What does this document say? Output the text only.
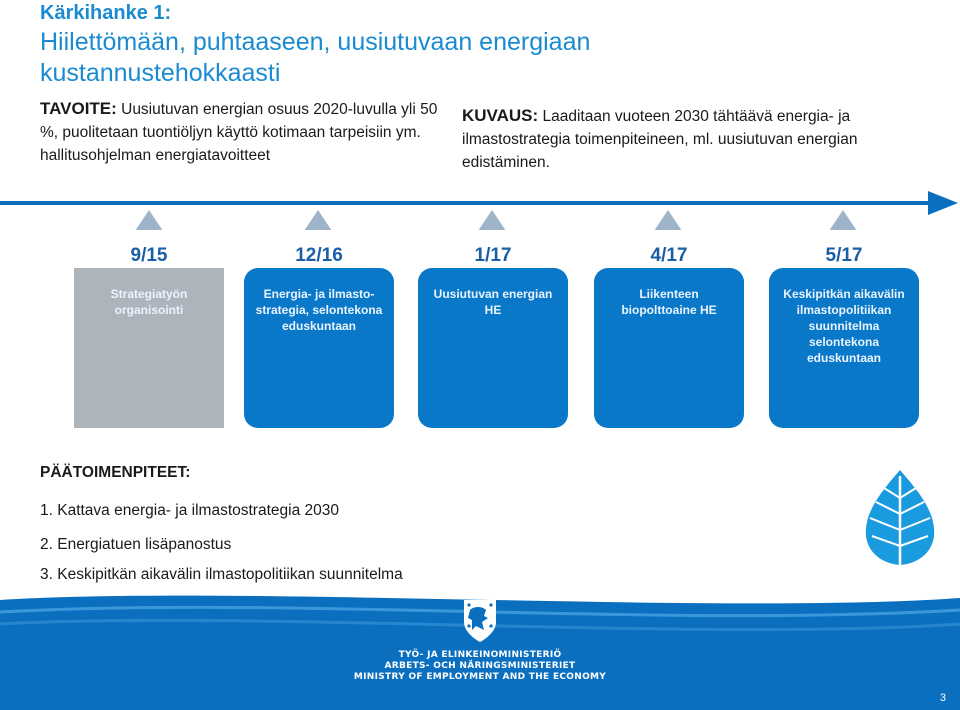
Kärkihanke 1:
Hiilettömään, puhtaaseen, uusiutuvaan energiaan kustannustehokkaasti
TAVOITE: Uusiutuvan energian osuus 2020-luvulla yli 50 %, puolitetaan tuontiöljyn käyttö kotimaan tarpeisiin ym. hallitusohjelman energiatavoitteet
KUVAUS: Laaditaan vuoteen 2030 tähtäävä energia- ja ilmastostrategia toimenpiteineen, ml. uusiutuvan energian edistäminen.
9/15	12/16	1/17	4/17	5/17
Strategiatyön organisointi
Energia- ja ilmasto- strategia, selontekona eduskuntaan
Uusiutuvan energian HE
Liikenteen biopolttoaine HE
Keskipitkän aikavälin ilmastopolitiikan suunnitelma selontekona eduskuntaan
PÄÄTOIMENPITEET:
1. Kattava energia- ja ilmastostrategia 2030
2. Energiatuen lisäpanostus
3. Keskipitkän aikavälin ilmastopolitiikan suunnitelma
TYÖ- JA ELINKEINOMINISTERIÖ
ARBETS- OCH NÄRINGSMINISTERIET
MINISTRY OF EMPLOYMENT AND THE ECONOMY
3
